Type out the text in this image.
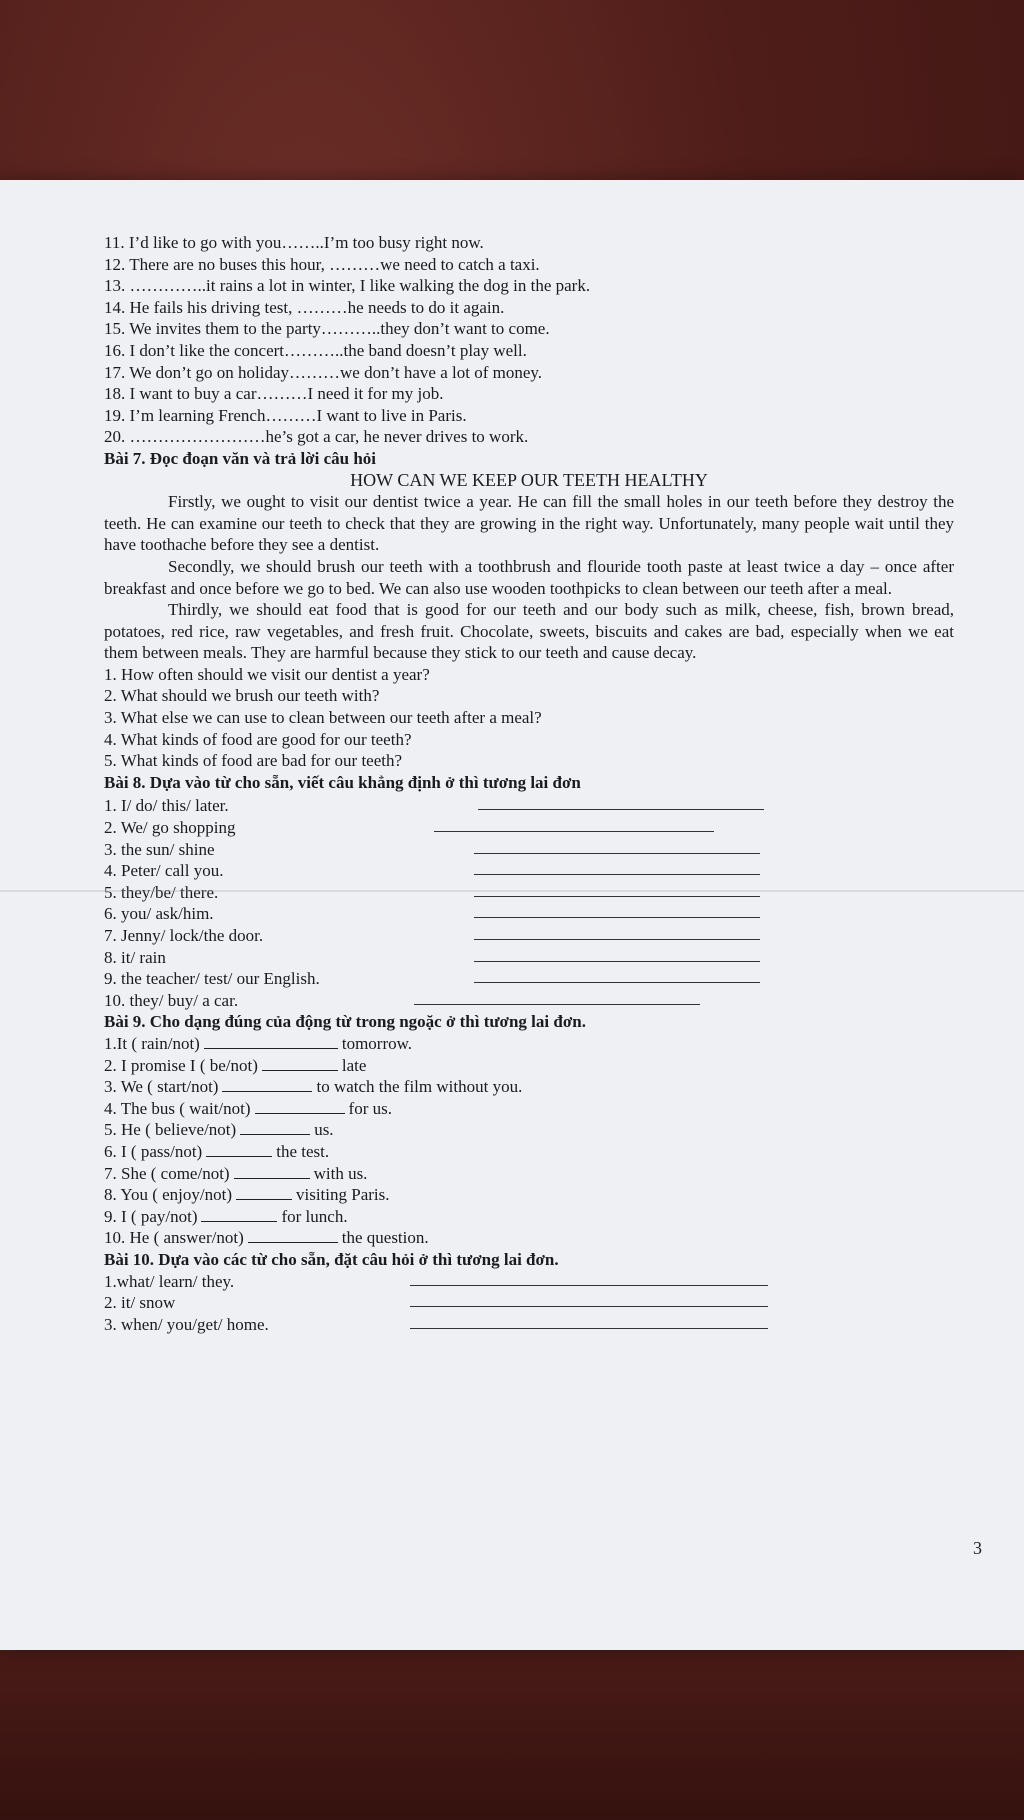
11. I’d like to go with you……..I’m too busy right now.
12. There are no buses this hour, ………we need to catch a taxi.
13. …………..it rains a lot in winter, I like walking the dog in the park.
14. He fails his driving test, ………he needs to do it again.
15. We invites them to the party………..they don’t want to come.
16. I don’t like the concert………..the band doesn’t play well.
17. We don’t go on holiday………we don’t have a lot of money.
18. I want to buy a car………I need it for my job.
19. I’m learning French………I want to live in Paris.
20. ……………………he’s got a car, he never drives to work.
Bài 7. Đọc đoạn văn và trả lời câu hỏi
HOW CAN WE KEEP OUR TEETH HEALTHY

Firstly, we ought to visit our dentist twice a year. He can fill the small holes in our teeth before they destroy the teeth. He can examine our teeth to check that they are growing in the right way. Unfortunately, many people wait until they have toothache before they see a dentist.

Secondly, we should brush our teeth with a toothbrush and flouride tooth paste at least twice a day – once after breakfast and once before we go to bed. We can also use wooden toothpicks to clean between our teeth after a meal.

Thirdly, we should eat food that is good for our teeth and our body such as milk, cheese, fish, brown bread, potatoes, red rice, raw vegetables, and fresh fruit. Chocolate, sweets, biscuits and cakes are bad, especially when we eat them between meals. They are harmful because they stick to our teeth and cause decay.

1. How often should we visit our dentist a year?
2. What should we brush our teeth with?
3. What else we can use to clean between our teeth after a meal?
4. What kinds of food are good for our teeth?
5. What kinds of food are bad for our teeth?
Bài 8. Dựa vào từ cho sẵn, viết câu khẳng định ở thì tương lai đơn
1. I/ do/ this/ later.
2. We/ go shopping
3. the sun/ shine
4. Peter/ call you.
5. they/be/ there.
6. you/ ask/him.
7. Jenny/ lock/the door.
8. it/ rain
9. the teacher/ test/ our English.
10. they/ buy/ a car.
Bài 9. Cho dạng đúng của động từ trong ngoặc ở thì tương lai đơn.
1.It ( rain/not)	tomorrow.
2. I promise I ( be/not)	late
3. We ( start/not)	to watch the film without you.
4. The bus ( wait/not)	for us.
5. He ( believe/not)	us.
6. I ( pass/not)	the test.
7. She ( come/not)	with us.
8. You ( enjoy/not)	visiting Paris.
9. I ( pay/not)	for lunch.
10. He ( answer/not)	the question.
Bài 10. Dựa vào các từ cho sẵn, đặt câu hỏi ở thì tương lai đơn.
1.what/ learn/ they.
2. it/ snow
3. when/ you/get/ home.
3
